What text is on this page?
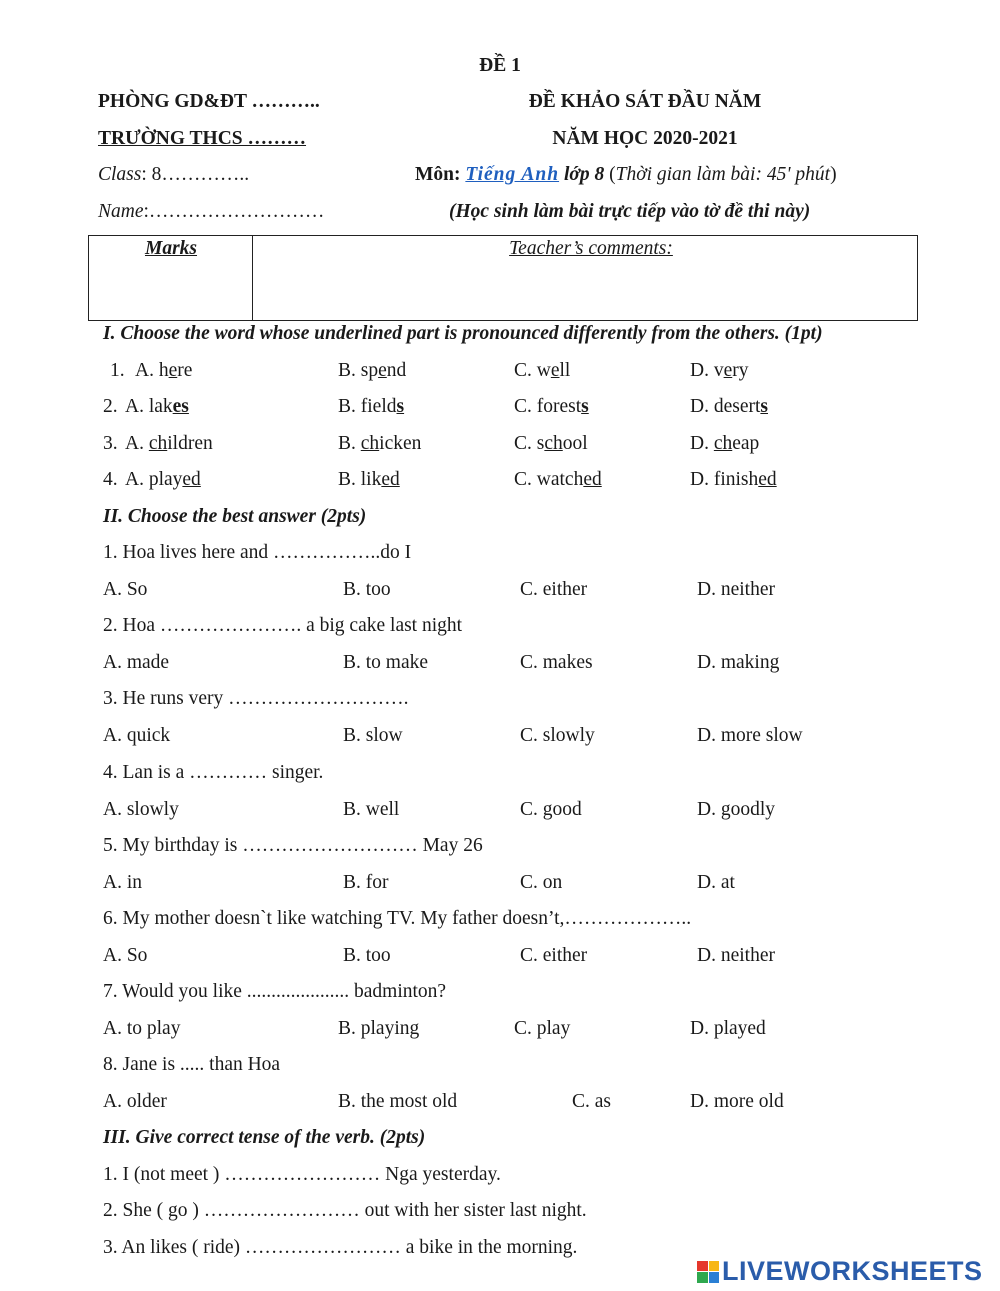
ĐỀ 1
PHÒNG GD&ĐT ………..	ĐỀ KHẢO SÁT ĐẦU NĂM
TRƯỜNG THCS ………	NĂM HỌC 2020-2021
Class: 8…………..	Môn: Tiếng Anh lớp 8 (Thời gian làm bài: 45' phút)
Name:………………………	(Học sinh làm bài trực tiếp vào tờ đề thi này)
Marks	Teacher’s comments:
I. Choose the word whose underlined part is pronounced differently from the others. (1pt)
1. A. here	B. spend	C. well	D. very
2. A. lakes	B. fields	C. forests	D. deserts
3. A. children	B. chicken	C. school	D. cheap
4. A. played	B. liked	C. watched	D. finished
II. Choose the best answer (2pts)
1. Hoa lives here and ……………..do I
A. So	B. too	C. either	D. neither
2. Hoa …………………. a big cake last night
A. made	B. to make	C. makes	D. making
3. He runs very ……………………….
A. quick	B. slow	C. slowly	D. more slow
4. Lan is a ………… singer.
A. slowly	B. well	C. good	D. goodly
5. My birthday is ……………………… May 26
A. in	B. for	C. on	D. at
6. My mother doesn`t like watching TV. My father doesn’t,………………..
A. So	B. too	C. either	D. neither
7. Would you like ..................... badminton?
A. to play	B. playing	C. play	D. played
8. Jane is ..... than Hoa
A. older	B. the most old	C. as	D. more old
III. Give correct tense of the verb. (2pts)
1. I (not meet ) …………………… Nga yesterday.
2. She ( go ) …………………… out with her sister last night.
3. An likes ( ride) …………………… a bike in the morning.
LIVEWORKSHEETS
